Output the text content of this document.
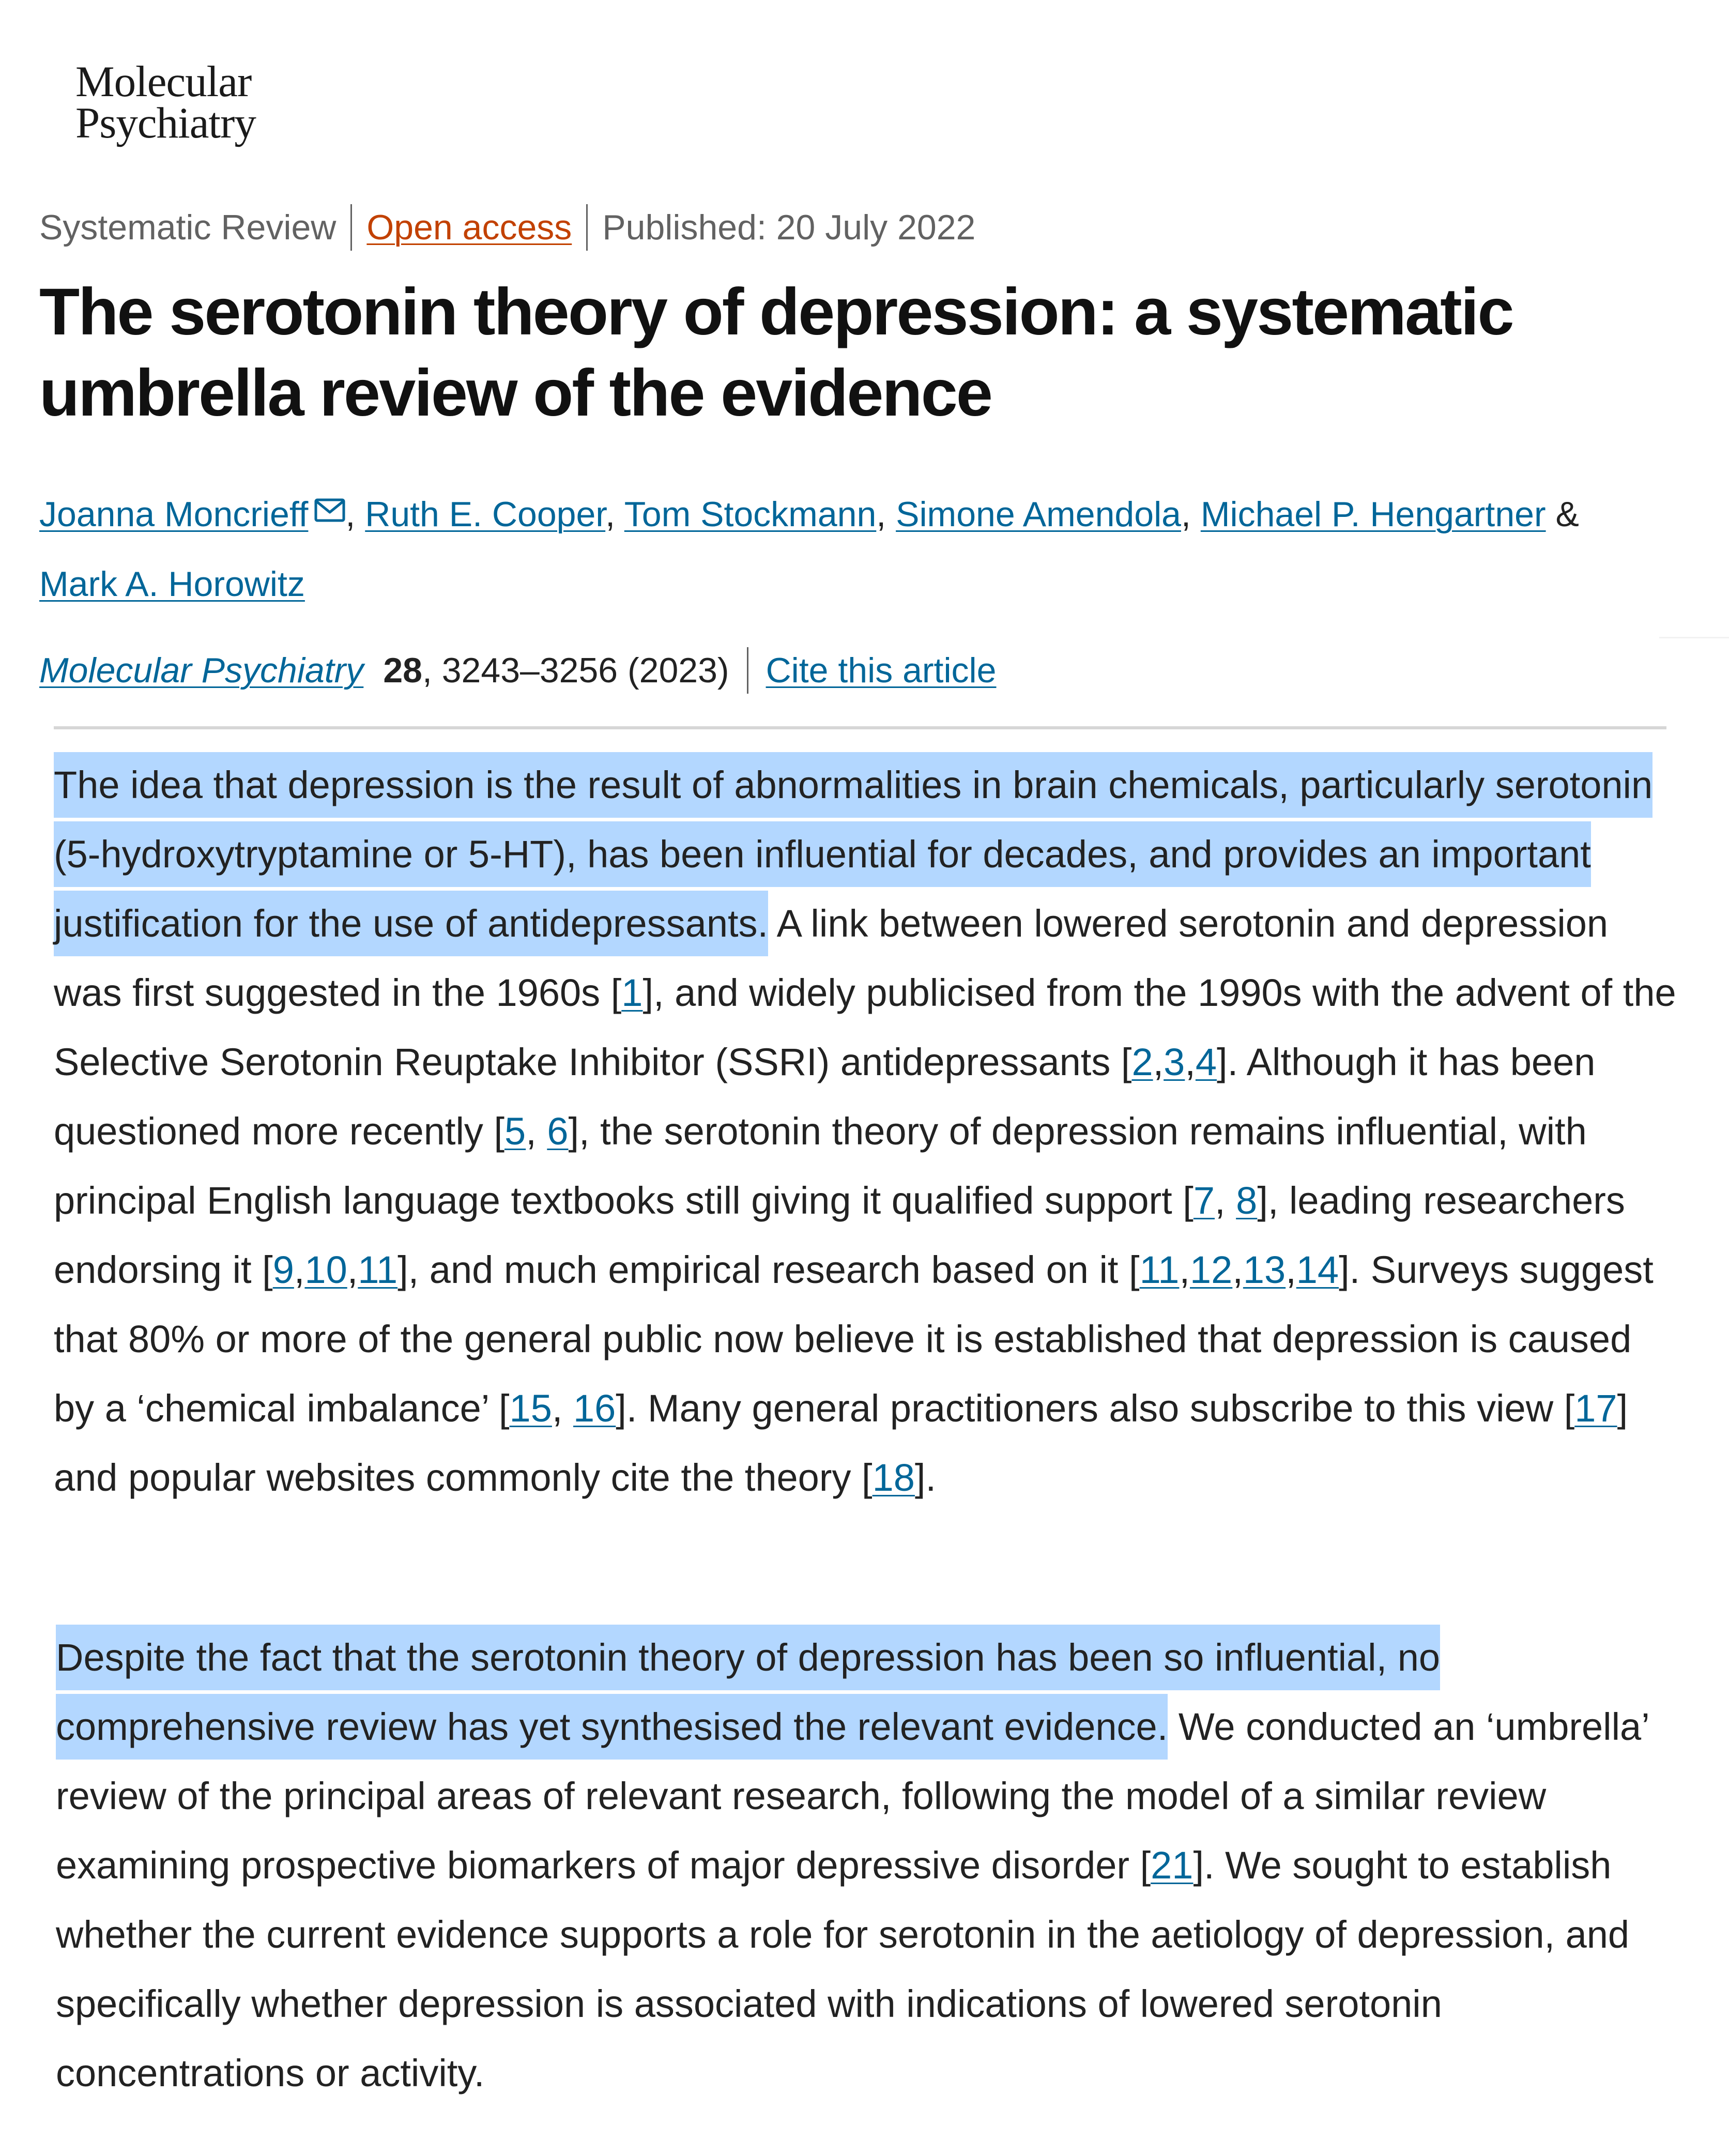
Molecular
Psychiatry
Systematic Review Open access Published: 20 July 2022
The serotonin theory of depression: a systematic umbrella review of the evidence
Joanna Moncrieff , Ruth E. Cooper, Tom Stockmann, Simone Amendola, Michael P. Hengartner &
Mark A. Horowitz
Molecular Psychiatry 28 , 3243–3256 (2023) Cite this article

The idea that depression is the result of abnormalities in brain chemicals, particularly serotonin (5-hydroxytryptamine or 5-HT), has been influential for decades, and provides an important justification for the use of antidepressants. A link between lowered serotonin and depression was first suggested in the 1960s [1], and widely publicised from the 1990s with the advent of the Selective Serotonin Reuptake Inhibitor (SSRI) antidepressants [2,3,4]. Although it has been questioned more recently [5, 6], the serotonin theory of depression remains influential, with principal English language textbooks still giving it qualified support [7, 8], leading researchers endorsing it [9,10,11], and much empirical research based on it [11,12,13,14]. Surveys suggest that 80% or more of the general public now believe it is established that depression is caused by a ‘chemical imbalance’ [15, 16]. Many general practitioners also subscribe to this view [17] and popular websites commonly cite the theory [18].

Despite the fact that the serotonin theory of depression has been so influential, no comprehensive review has yet synthesised the relevant evidence. We conducted an ‘umbrella’ review of the principal areas of relevant research, following the model of a similar review examining prospective biomarkers of major depressive disorder [21]. We sought to establish whether the current evidence supports a role for serotonin in the aetiology of depression, and specifically whether depression is associated with indications of lowered serotonin concentrations or activity.
